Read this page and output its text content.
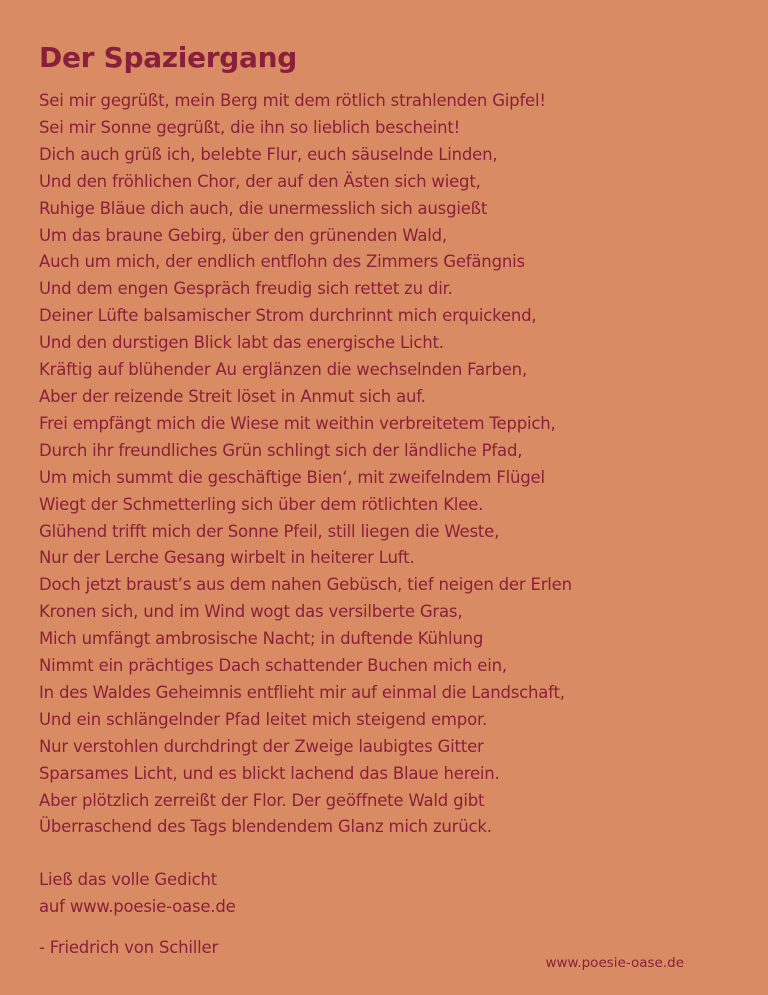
Der Spaziergang
Sei mir gegrüßt, mein Berg mit dem rötlich strahlenden Gipfel!
Sei mir Sonne gegrüßt, die ihn so lieblich bescheint!
Dich auch grüß ich, belebte Flur, euch säuselnde Linden,
Und den fröhlichen Chor, der auf den Ästen sich wiegt,
Ruhige Bläue dich auch, die unermesslich sich ausgießt
Um das braune Gebirg, über den grünenden Wald,
Auch um mich, der endlich entflohn des Zimmers Gefängnis
Und dem engen Gespräch freudig sich rettet zu dir.
Deiner Lüfte balsamischer Strom durchrinnt mich erquickend,
Und den durstigen Blick labt das energische Licht.
Kräftig auf blühender Au erglänzen die wechselnden Farben,
Aber der reizende Streit löset in Anmut sich auf.
Frei empfängt mich die Wiese mit weithin verbreitetem Teppich,
Durch ihr freundliches Grün schlingt sich der ländliche Pfad,
Um mich summt die geschäftige Bien‘, mit zweifelndem Flügel
Wiegt der Schmetterling sich über dem rötlichten Klee.
Glühend trifft mich der Sonne Pfeil, still liegen die Weste,
Nur der Lerche Gesang wirbelt in heiterer Luft.
Doch jetzt braust’s aus dem nahen Gebüsch, tief neigen der Erlen
Kronen sich, und im Wind wogt das versilberte Gras,
Mich umfängt ambrosische Nacht; in duftende Kühlung
Nimmt ein prächtiges Dach schattender Buchen mich ein,
In des Waldes Geheimnis entflieht mir auf einmal die Landschaft,
Und ein schlängelnder Pfad leitet mich steigend empor.
Nur verstohlen durchdringt der Zweige laubigtes Gitter
Sparsames Licht, und es blickt lachend das Blaue herein.
Aber plötzlich zerreißt der Flor. Der geöffnete Wald gibt
Überraschend des Tags blendendem Glanz mich zurück.
Ließ das volle Gedicht
auf www.poesie-oase.de
- Friedrich von Schiller
www.poesie-oase.de
